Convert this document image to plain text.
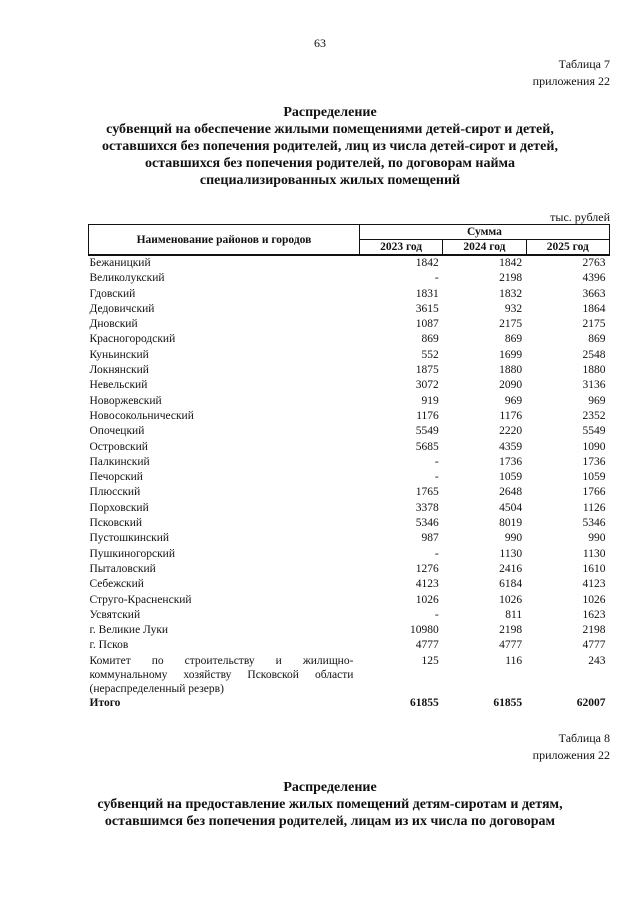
63
Таблица 7
приложения 22
Распределение
субвенций на обеспечение жилыми помещениями детей-сирот и детей,
оставшихся без попечения родителей, лиц из числа детей-сирот и детей,
оставшихся без попечения родителей, по договорам найма
специализированных жилых помещений
тыс. рублей
Наименование районов и городов	Сумма		
	2023 год	2024 год	2025 год
Бежаницкий	1842	1842	2763
Великолукский	-	2198	4396
Гдовский	1831	1832	3663
Дедовичский	3615	932	1864
Дновский	1087	2175	2175
Красногородский	869	869	869
Куньинский	552	1699	2548
Локнянский	1875	1880	1880
Невельский	3072	2090	3136
Новоржевский	919	969	969
Новосокольнический	1176	1176	2352
Опочецкий	5549	2220	5549
Островский	5685	4359	1090
Палкинский	-	1736	1736
Печорский	-	1059	1059
Плюсский	1765	2648	1766
Порховский	3378	4504	1126
Псковский	5346	8019	5346
Пустошкинский	987	990	990
Пушкиногорский	-	1130	1130
Пыталовский	1276	2416	1610
Себежский	4123	6184	4123
Струго-Красненский	1026	1026	1026
Усвятский	-	811	1623
г. Великие Луки	10980	2198	2198
г. Псков	4777	4777	4777
Комитет по строительству и жилищно-коммунальному хозяйству Псковской области (нераспределенный резерв)	125	116	243
Итого	61855	61855	62007
Таблица 8
приложения 22
Распределение
субвенций на предоставление жилых помещений детям-сиротам и детям,
оставшимся без попечения родителей, лицам из их числа по договорам
